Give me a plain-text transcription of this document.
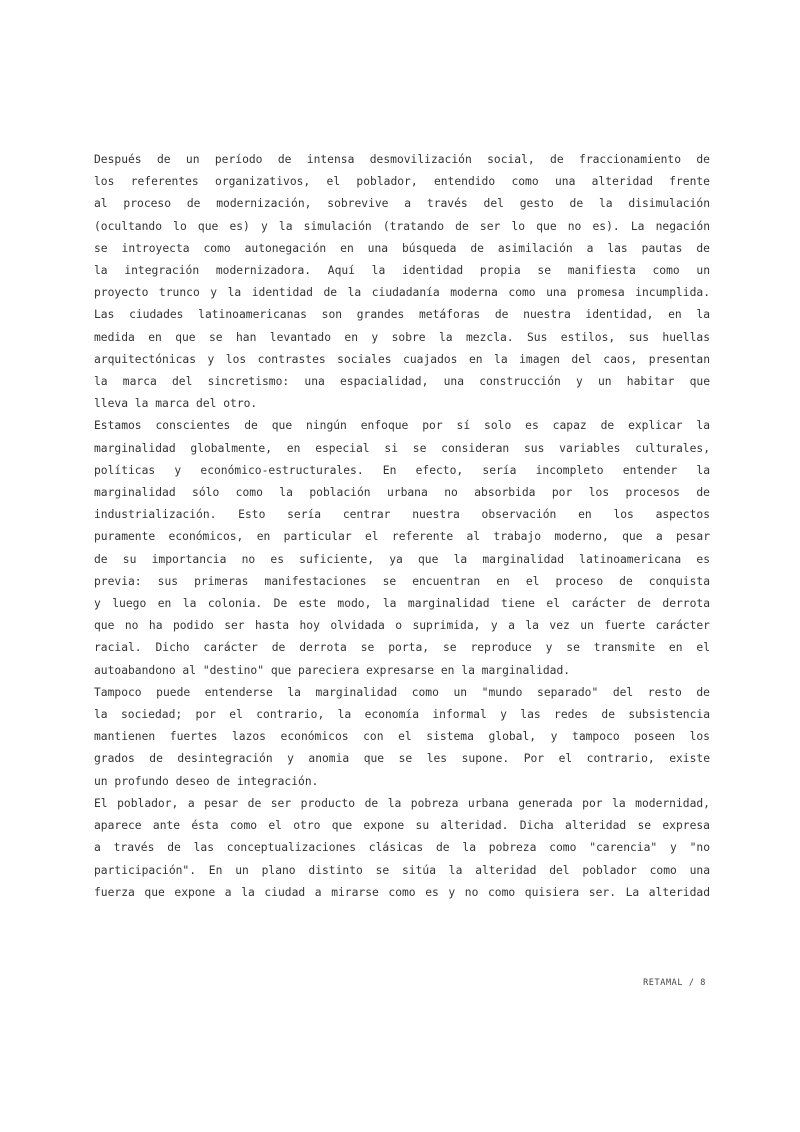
Después de un período de intensa desmovilización social, de fraccionamiento de
los referentes organizativos, el poblador, entendido como una alteridad frente
al proceso de modernización, sobrevive a través del gesto de la disimulación
(ocultando lo que es) y la simulación (tratando de ser lo que no es). La negación
se introyecta como autonegación en una búsqueda de asimilación a las pautas de
la integración modernizadora. Aquí la identidad propia se manifiesta como un
proyecto trunco y la identidad de la ciudadanía moderna como una promesa incumplida.
Las ciudades latinoamericanas son grandes metáforas de nuestra identidad, en la
medida en que se han levantado en y sobre la mezcla. Sus estilos, sus huellas
arquitectónicas y los contrastes sociales cuajados en la imagen del caos, presentan
la marca del sincretismo: una espacialidad, una construcción y un habitar que
lleva la marca del otro.
Estamos conscientes de que ningún enfoque por sí solo es capaz de explicar la
marginalidad globalmente, en especial si se consideran sus variables culturales,
políticas y económico-estructurales. En efecto, sería incompleto entender la
marginalidad sólo como la población urbana no absorbida por los procesos de
industrialización. Esto sería centrar nuestra observación en los aspectos
puramente económicos, en particular el referente al trabajo moderno, que a pesar
de su importancia no es suficiente, ya que la marginalidad latinoamericana es
previa: sus primeras manifestaciones se encuentran en el proceso de conquista
y luego en la colonia. De este modo, la marginalidad tiene el carácter de derrota
que no ha podido ser hasta hoy olvidada o suprimida, y a la vez un fuerte carácter
racial. Dicho carácter de derrota se porta, se reproduce y se transmite en el
autoabandono al "destino" que pareciera expresarse en la marginalidad.
Tampoco puede entenderse la marginalidad como un "mundo separado" del resto de
la sociedad; por el contrario, la economía informal y las redes de subsistencia
mantienen fuertes lazos económicos con el sistema global, y tampoco poseen los
grados de desintegración y anomia que se les supone. Por el contrario, existe
un profundo deseo de integración.
El poblador, a pesar de ser producto de la pobreza urbana generada por la modernidad,
aparece ante ésta como el otro que expone su alteridad. Dicha alteridad se expresa
a través de las conceptualizaciones clásicas de la pobreza como "carencia" y "no
participación". En un plano distinto se sitúa la alteridad del poblador como una
fuerza que expone a la ciudad a mirarse como es y no como quisiera ser. La alteridad
RETAMAL / 8
